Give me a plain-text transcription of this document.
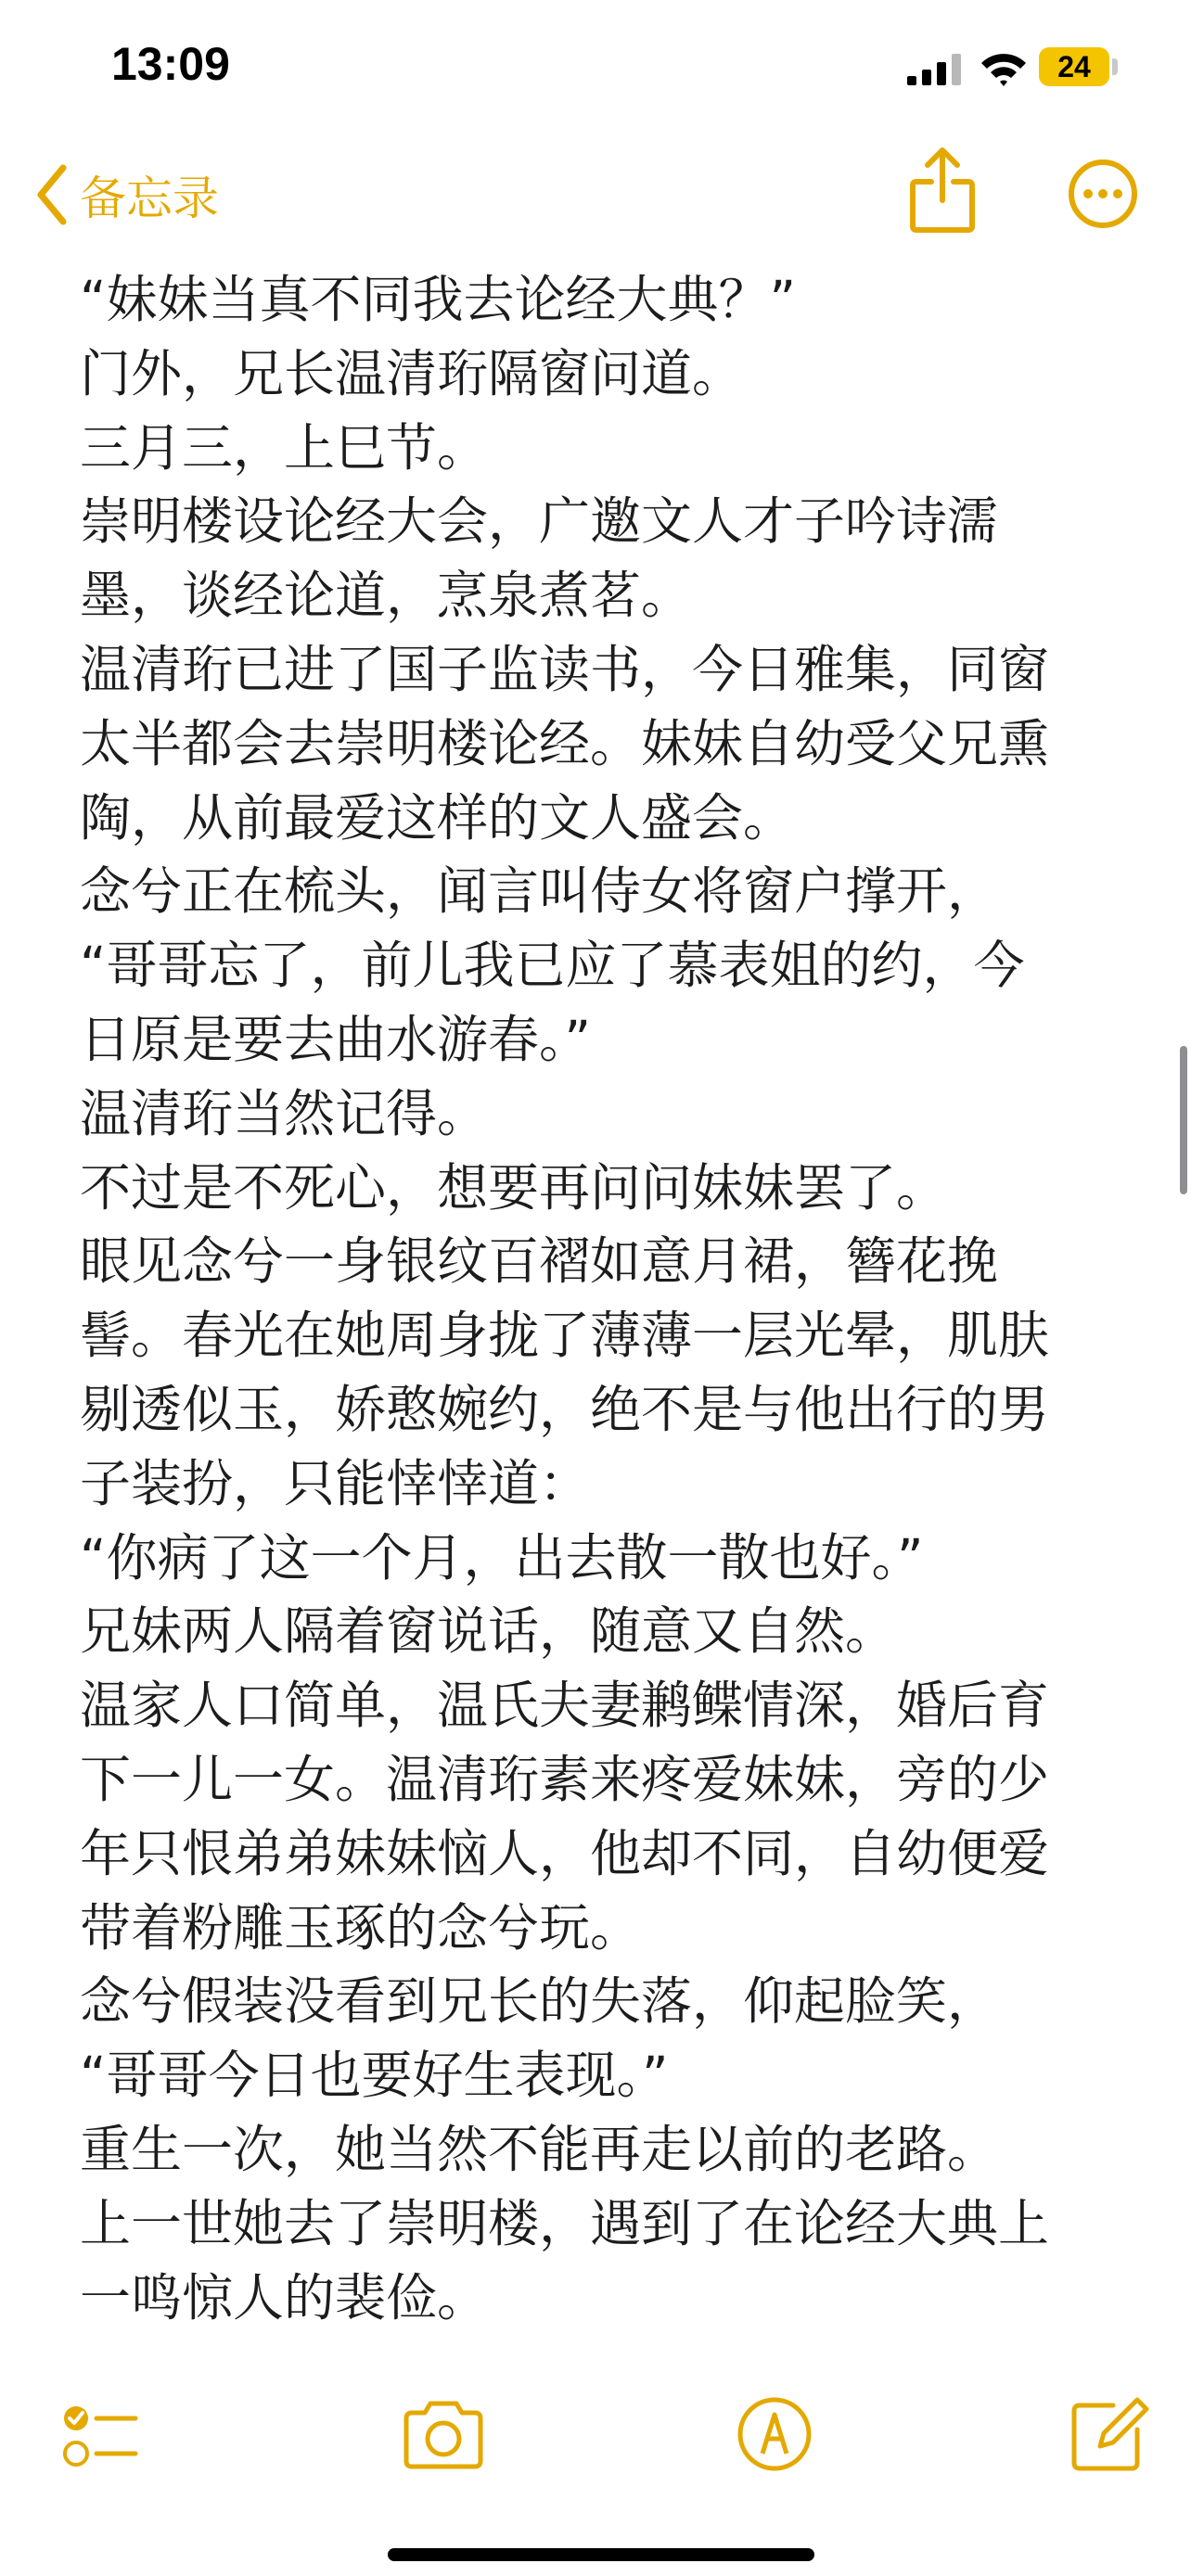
13:09	24
备忘录
“妹妹当真不同我去论经大典？”
门外，兄长温清珩隔窗问道。
三月三，上巳节。
崇明楼设论经大会，广邀文人才子吟诗濡
墨，谈经论道，烹泉煮茗。
温清珩已进了国子监读书，今日雅集，同窗
太半都会去崇明楼论经。妹妹自幼受父兄熏
陶，从前最爱这样的文人盛会。
念兮正在梳头，闻言叫侍女将窗户撑开，
“哥哥忘了，前儿我已应了慕表姐的约，今
日原是要去曲水游春。”
温清珩当然记得。
不过是不死心，想要再问问妹妹罢了。
眼见念兮一身银纹百褶如意月裙，簪花挽
髻。春光在她周身拢了薄薄一层光晕，肌肤
剔透似玉，娇憨婉约，绝不是与他出行的男
子装扮，只能悻悻道：
“你病了这一个月，出去散一散也好。”
兄妹两人隔着窗说话，随意又自然。
温家人口简单，温氏夫妻鹣鲽情深，婚后育
下一儿一女。温清珩素来疼爱妹妹，旁的少
年只恨弟弟妹妹恼人，他却不同，自幼便爱
带着粉雕玉琢的念兮玩。
念兮假装没看到兄长的失落，仰起脸笑，
“哥哥今日也要好生表现。”
重生一次，她当然不能再走以前的老路。
上一世她去了崇明楼，遇到了在论经大典上
一鸣惊人的裴俭。
